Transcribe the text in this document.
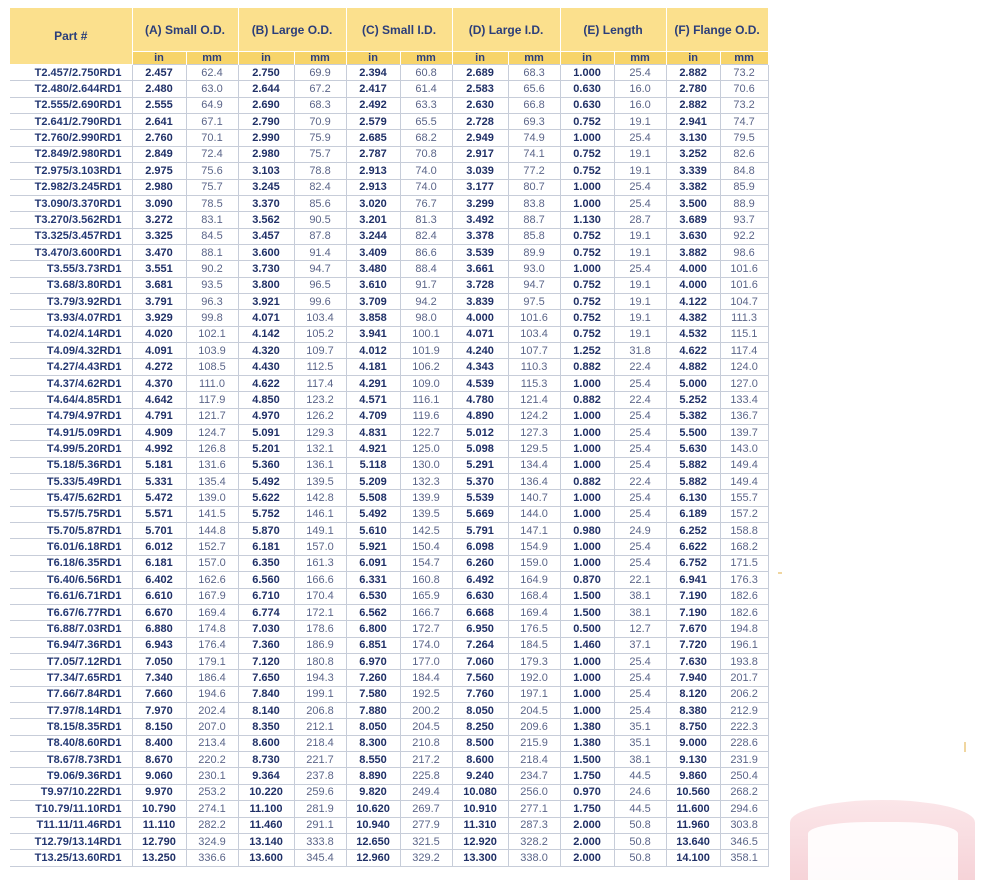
Part #	(A) Small O.D.		(B) Large O.D.		(C) Small I.D.		(D) Large I.D.		(E) Length		(F) Flange O.D.	
	in	mm	in	mm	in	mm	in	mm	in	mm	in	mm
T2.457/2.750RD1	2.457	62.4	2.750	69.9	2.394	60.8	2.689	68.3	1.000	25.4	2.882	73.2
T2.480/2.644RD1	2.480	63.0	2.644	67.2	2.417	61.4	2.583	65.6	0.630	16.0	2.780	70.6
T2.555/2.690RD1	2.555	64.9	2.690	68.3	2.492	63.3	2.630	66.8	0.630	16.0	2.882	73.2
T2.641/2.790RD1	2.641	67.1	2.790	70.9	2.579	65.5	2.728	69.3	0.752	19.1	2.941	74.7
T2.760/2.990RD1	2.760	70.1	2.990	75.9	2.685	68.2	2.949	74.9	1.000	25.4	3.130	79.5
T2.849/2.980RD1	2.849	72.4	2.980	75.7	2.787	70.8	2.917	74.1	0.752	19.1	3.252	82.6
T2.975/3.103RD1	2.975	75.6	3.103	78.8	2.913	74.0	3.039	77.2	0.752	19.1	3.339	84.8
T2.982/3.245RD1	2.980	75.7	3.245	82.4	2.913	74.0	3.177	80.7	1.000	25.4	3.382	85.9
T3.090/3.370RD1	3.090	78.5	3.370	85.6	3.020	76.7	3.299	83.8	1.000	25.4	3.500	88.9
T3.270/3.562RD1	3.272	83.1	3.562	90.5	3.201	81.3	3.492	88.7	1.130	28.7	3.689	93.7
T3.325/3.457RD1	3.325	84.5	3.457	87.8	3.244	82.4	3.378	85.8	0.752	19.1	3.630	92.2
T3.470/3.600RD1	3.470	88.1	3.600	91.4	3.409	86.6	3.539	89.9	0.752	19.1	3.882	98.6
T3.55/3.73RD1	3.551	90.2	3.730	94.7	3.480	88.4	3.661	93.0	1.000	25.4	4.000	101.6
T3.68/3.80RD1	3.681	93.5	3.800	96.5	3.610	91.7	3.728	94.7	0.752	19.1	4.000	101.6
T3.79/3.92RD1	3.791	96.3	3.921	99.6	3.709	94.2	3.839	97.5	0.752	19.1	4.122	104.7
T3.93/4.07RD1	3.929	99.8	4.071	103.4	3.858	98.0	4.000	101.6	0.752	19.1	4.382	111.3
T4.02/4.14RD1	4.020	102.1	4.142	105.2	3.941	100.1	4.071	103.4	0.752	19.1	4.532	115.1
T4.09/4.32RD1	4.091	103.9	4.320	109.7	4.012	101.9	4.240	107.7	1.252	31.8	4.622	117.4
T4.27/4.43RD1	4.272	108.5	4.430	112.5	4.181	106.2	4.343	110.3	0.882	22.4	4.882	124.0
T4.37/4.62RD1	4.370	111.0	4.622	117.4	4.291	109.0	4.539	115.3	1.000	25.4	5.000	127.0
T4.64/4.85RD1	4.642	117.9	4.850	123.2	4.571	116.1	4.780	121.4	0.882	22.4	5.252	133.4
T4.79/4.97RD1	4.791	121.7	4.970	126.2	4.709	119.6	4.890	124.2	1.000	25.4	5.382	136.7
T4.91/5.09RD1	4.909	124.7	5.091	129.3	4.831	122.7	5.012	127.3	1.000	25.4	5.500	139.7
T4.99/5.20RD1	4.992	126.8	5.201	132.1	4.921	125.0	5.098	129.5	1.000	25.4	5.630	143.0
T5.18/5.36RD1	5.181	131.6	5.360	136.1	5.118	130.0	5.291	134.4	1.000	25.4	5.882	149.4
T5.33/5.49RD1	5.331	135.4	5.492	139.5	5.209	132.3	5.370	136.4	0.882	22.4	5.882	149.4
T5.47/5.62RD1	5.472	139.0	5.622	142.8	5.508	139.9	5.539	140.7	1.000	25.4	6.130	155.7
T5.57/5.75RD1	5.571	141.5	5.752	146.1	5.492	139.5	5.669	144.0	1.000	25.4	6.189	157.2
T5.70/5.87RD1	5.701	144.8	5.870	149.1	5.610	142.5	5.791	147.1	0.980	24.9	6.252	158.8
T6.01/6.18RD1	6.012	152.7	6.181	157.0	5.921	150.4	6.098	154.9	1.000	25.4	6.622	168.2
T6.18/6.35RD1	6.181	157.0	6.350	161.3	6.091	154.7	6.260	159.0	1.000	25.4	6.752	171.5
T6.40/6.56RD1	6.402	162.6	6.560	166.6	6.331	160.8	6.492	164.9	0.870	22.1	6.941	176.3
T6.61/6.71RD1	6.610	167.9	6.710	170.4	6.530	165.9	6.630	168.4	1.500	38.1	7.190	182.6
T6.67/6.77RD1	6.670	169.4	6.774	172.1	6.562	166.7	6.668	169.4	1.500	38.1	7.190	182.6
T6.88/7.03RD1	6.880	174.8	7.030	178.6	6.800	172.7	6.950	176.5	0.500	12.7	7.670	194.8
T6.94/7.36RD1	6.943	176.4	7.360	186.9	6.851	174.0	7.264	184.5	1.460	37.1	7.720	196.1
T7.05/7.12RD1	7.050	179.1	7.120	180.8	6.970	177.0	7.060	179.3	1.000	25.4	7.630	193.8
T7.34/7.65RD1	7.340	186.4	7.650	194.3	7.260	184.4	7.560	192.0	1.000	25.4	7.940	201.7
T7.66/7.84RD1	7.660	194.6	7.840	199.1	7.580	192.5	7.760	197.1	1.000	25.4	8.120	206.2
T7.97/8.14RD1	7.970	202.4	8.140	206.8	7.880	200.2	8.050	204.5	1.000	25.4	8.380	212.9
T8.15/8.35RD1	8.150	207.0	8.350	212.1	8.050	204.5	8.250	209.6	1.380	35.1	8.750	222.3
T8.40/8.60RD1	8.400	213.4	8.600	218.4	8.300	210.8	8.500	215.9	1.380	35.1	9.000	228.6
T8.67/8.73RD1	8.670	220.2	8.730	221.7	8.550	217.2	8.600	218.4	1.500	38.1	9.130	231.9
T9.06/9.36RD1	9.060	230.1	9.364	237.8	8.890	225.8	9.240	234.7	1.750	44.5	9.860	250.4
T9.97/10.22RD1	9.970	253.2	10.220	259.6	9.820	249.4	10.080	256.0	0.970	24.6	10.560	268.2
T10.79/11.10RD1	10.790	274.1	11.100	281.9	10.620	269.7	10.910	277.1	1.750	44.5	11.600	294.6
T11.11/11.46RD1	11.110	282.2	11.460	291.1	10.940	277.9	11.310	287.3	2.000	50.8	11.960	303.8
T12.79/13.14RD1	12.790	324.9	13.140	333.8	12.650	321.5	12.920	328.2	2.000	50.8	13.640	346.5
T13.25/13.60RD1	13.250	336.6	13.600	345.4	12.960	329.2	13.300	338.0	2.000	50.8	14.100	358.1
